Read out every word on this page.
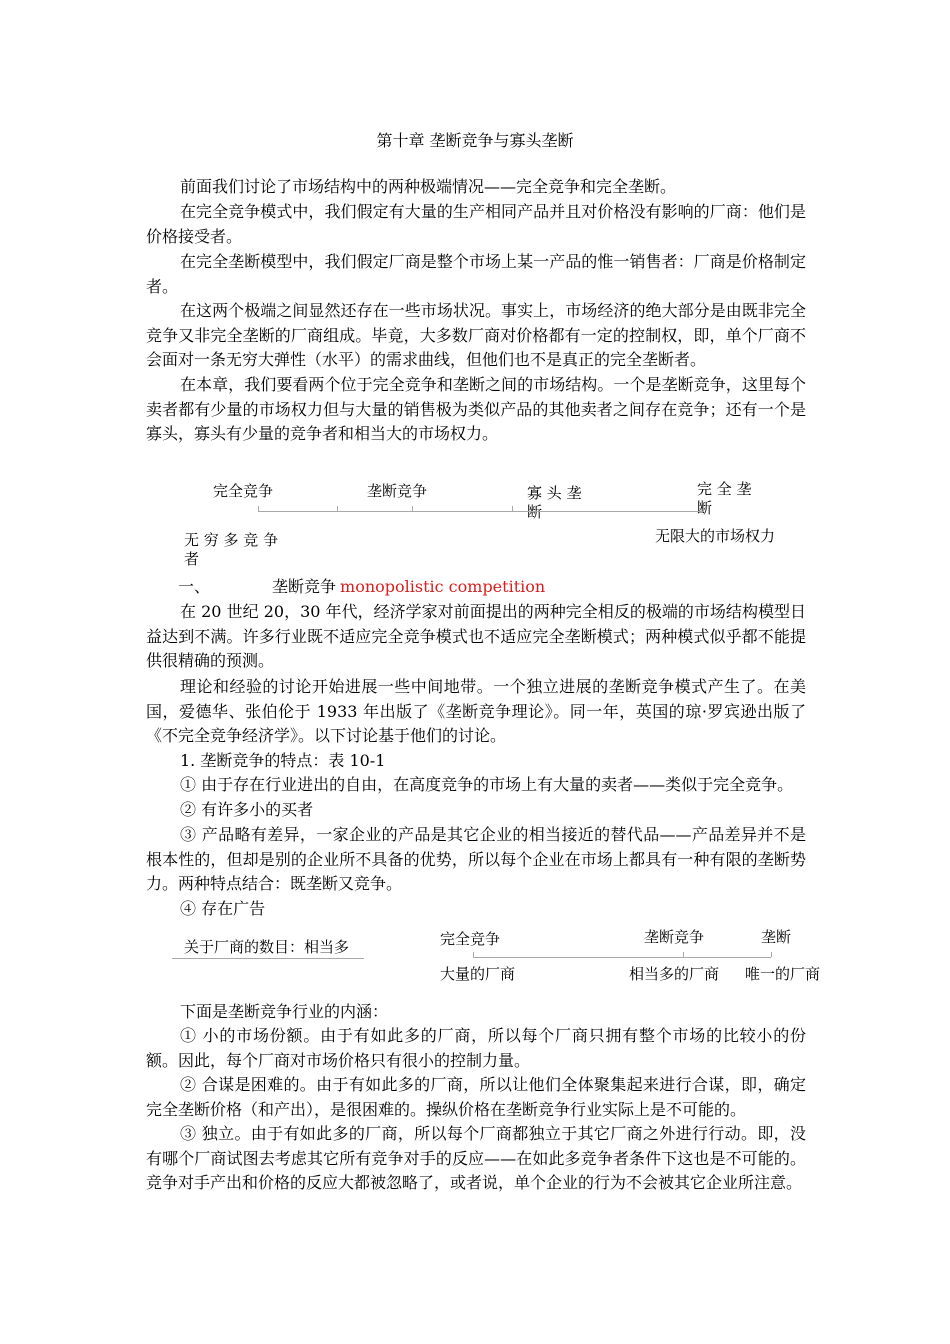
第十章 垄断竞争与寡头垄断
前面我们讨论了市场结构中的两种极端情况——完全竞争和完全垄断。
在完全竞争模式中，我们假定有大量的生产相同产品并且对价格没有影响的厂商：他们是价格接受者。
在完全垄断模型中，我们假定厂商是整个市场上某一产品的惟一销售者：厂商是价格制定者。
在这两个极端之间显然还存在一些市场状况。事实上，市场经济的绝大部分是由既非完全竞争又非完全垄断的厂商组成。毕竟，大多数厂商对价格都有一定的控制权，即，单个厂商不会面对一条无穷大弹性（水平）的需求曲线，但他们也不是真正的完全垄断者。
在本章，我们要看两个位于完全竞争和垄断之间的市场结构。一个是垄断竞争，这里每个卖者都有少量的市场权力但与大量的销售极为类似产品的其他卖者之间存在竞争；还有一个是寡头，寡头有少量的竞争者和相当大的市场权力。
完全竞争	垄断竞争	寡 头 垄 断
完 全 垄 断
无 穷 多 竞 争 者
无限大的市场权力
一、	垄断竞争 monopolistic competition
在 20 世纪 20，30 年代，经济学家对前面提出的两种完全相反的极端的市场结构模型日益达到不满。许多行业既不适应完全竞争模式也不适应完全垄断模式；两种模式似乎都不能提供很精确的预测。
理论和经验的讨论开始进展一些中间地带。一个独立进展的垄断竞争模式产生了。在美国，爱德华、张伯伦于 1933 年出版了《垄断竞争理论》。同一年，英国的琼·罗宾逊出版了《不完全竞争经济学》。以下讨论基于他们的讨论。
1. 垄断竞争的特点：表 10-1
① 由于存在行业进出的自由，在高度竞争的市场上有大量的卖者——类似于完全竞争。
② 有许多小的买者
③ 产品略有差异，一家企业的产品是其它企业的相当接近的替代品——产品差异并不是根本性的，但却是别的企业所不具备的优势，所以每个企业在市场上都具有一种有限的垄断势力。两种特点结合：既垄断又竞争。
④ 存在广告
关于厂商的数目：相当多	完全竞争	垄断竞争	垄断
大量的厂商	相当多的厂商 唯一的厂商
下面是垄断竞争行业的内涵：
① 小的市场份额。由于有如此多的厂商，所以每个厂商只拥有整个市场的比较小的份额。因此，每个厂商对市场价格只有很小的控制力量。
② 合谋是困难的。由于有如此多的厂商，所以让他们全体聚集起来进行合谋，即，确定完全垄断价格（和产出），是很困难的。操纵价格在垄断竞争行业实际上是不可能的。
③ 独立。由于有如此多的厂商，所以每个厂商都独立于其它厂商之外进行行动。即，没有哪个厂商试图去考虑其它所有竞争对手的反应——在如此多竞争者条件下这也是不可能的。竞争对手产出和价格的反应大都被忽略了，或者说，单个企业的行为不会被其它企业所注意。
